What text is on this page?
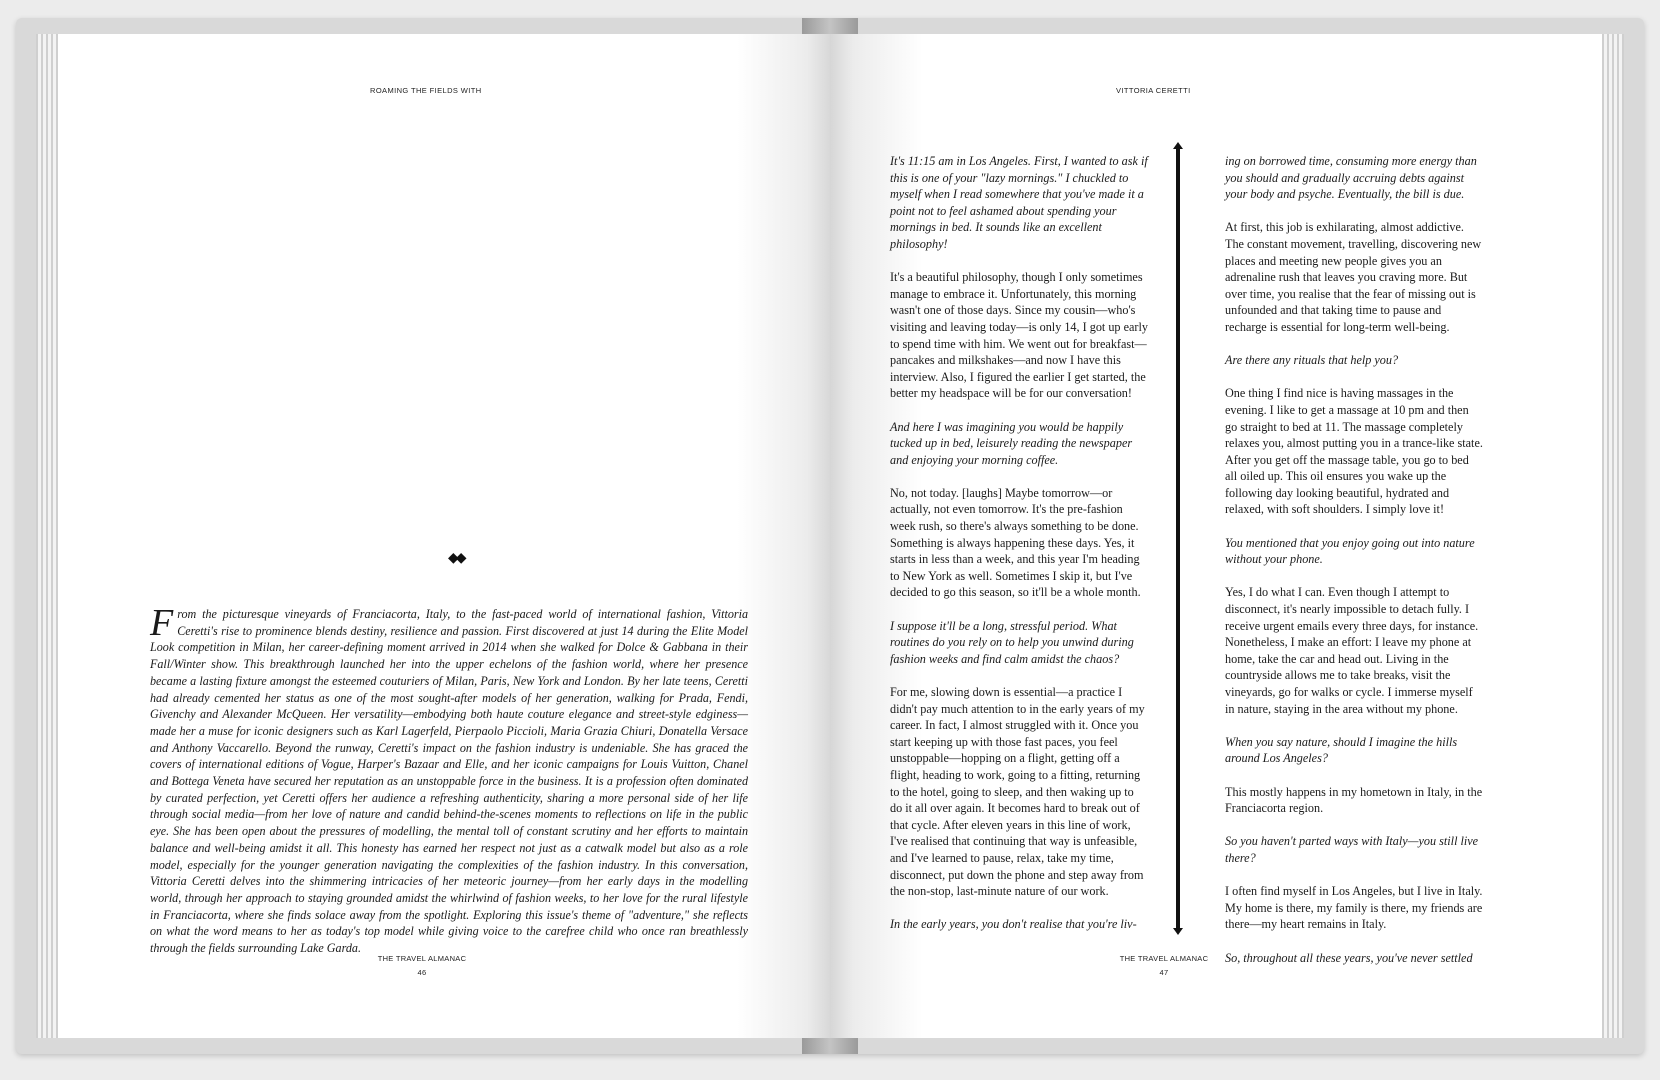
ROAMING THE FIELDS WITH
◆◆
From the picturesque vineyards of Franciacorta, Italy, to the fast-paced world of international fashion, Vittoria Ceretti's rise to prominence blends destiny, resilience and passion. First discovered at just 14 during the Elite Model Look competition in Milan, her career-defining moment arrived in 2014 when she walked for Dolce & Gabbana in their Fall/Winter show. This breakthrough launched her into the upper echelons of the fashion world, where her presence became a lasting fixture amongst the esteemed couturiers of Milan, Paris, New York and London. By her late teens, Ceretti had already cemented her status as one of the most sought-after models of her generation, walking for Prada, Fendi, Givenchy and Alexander McQueen. Her versatility—embodying both haute couture elegance and street-style edginess—made her a muse for iconic designers such as Karl Lagerfeld, Pierpaolo Piccioli, Maria Grazia Chiuri, Donatella Versace and Anthony Vaccarello. Beyond the runway, Ceretti's impact on the fashion industry is undeniable. She has graced the covers of international editions of Vogue, Harper's Bazaar and Elle, and her iconic campaigns for Louis Vuitton, Chanel and Bottega Veneta have secured her reputation as an unstoppable force in the business. It is a profession often dominated by curated perfection, yet Ceretti offers her audience a refreshing authenticity, sharing a more personal side of her life through social media—from her love of nature and candid behind-the-scenes moments to reflections on life in the public eye. She has been open about the pressures of modelling, the mental toll of constant scrutiny and her efforts to maintain balance and well-being amidst it all. This honesty has earned her respect not just as a catwalk model but also as a role model, especially for the younger generation navigating the complexities of the fashion industry. In this conversation, Vittoria Ceretti delves into the shimmering intricacies of her meteoric journey—from her early days in the modelling world, through her approach to staying grounded amidst the whirlwind of fashion weeks, to her love for the rural lifestyle in Franciacorta, where she finds solace away from the spotlight. Exploring this issue's theme of "adventure," she reflects on what the word means to her as today's top model while giving voice to the carefree child who once ran breathlessly through the fields surrounding Lake Garda.
THE TRAVEL ALMANAC
46
VITTORIA CERETTI

It's 11:15 am in Los Angeles. First, I wanted to ask if this is one of your "lazy mornings." I chuckled to myself when I read somewhere that you've made it a point not to feel ashamed about spending your mornings in bed. It sounds like an excellent philosophy!

It's a beautiful philosophy, though I only sometimes manage to embrace it. Unfortunately, this morning wasn't one of those days. Since my cousin—who's visiting and leaving today—is only 14, I got up early to spend time with him. We went out for breakfast—pancakes and milkshakes—and now I have this interview. Also, I figured the earlier I get started, the better my headspace will be for our conversation!

And here I was imagining you would be happily tucked up in bed, leisurely reading the newspaper and enjoying your morning coffee.

No, not today. [laughs] Maybe tomorrow—or actually, not even tomorrow. It's the pre-fashion week rush, so there's always something to be done. Something is always happening these days. Yes, it starts in less than a week, and this year I'm heading to New York as well. Sometimes I skip it, but I've decided to go this season, so it'll be a whole month.

I suppose it'll be a long, stressful period. What routines do you rely on to help you unwind during fashion weeks and find calm amidst the chaos?

For me, slowing down is essential—a practice I didn't pay much attention to in the early years of my career. In fact, I almost struggled with it. Once you start keeping up with those fast paces, you feel unstoppable—hopping on a flight, getting off a flight, heading to work, going to a fitting, returning to the hotel, going to sleep, and then waking up to do it all over again. It becomes hard to break out of that cycle. After eleven years in this line of work, I've realised that continuing that way is unfeasible, and I've learned to pause, relax, take my time, disconnect, put down the phone and step away from the non-stop, last-minute nature of our work.

In the early years, you don't realise that you're liv-

ing on borrowed time, consuming more energy than you should and gradually accruing debts against your body and psyche. Eventually, the bill is due.

At first, this job is exhilarating, almost addictive. The constant movement, travelling, discovering new places and meeting new people gives you an adrenaline rush that leaves you craving more. But over time, you realise that the fear of missing out is unfounded and that taking time to pause and recharge is essential for long-term well-being.

Are there any rituals that help you?

One thing I find nice is having massages in the evening. I like to get a massage at 10 pm and then go straight to bed at 11. The massage completely relaxes you, almost putting you in a trance-like state. After you get off the massage table, you go to bed all oiled up. This oil ensures you wake up the following day looking beautiful, hydrated and relaxed, with soft shoulders. I simply love it!

You mentioned that you enjoy going out into nature without your phone.

Yes, I do what I can. Even though I attempt to disconnect, it's nearly impossible to detach fully. I receive urgent emails every three days, for instance. Nonetheless, I make an effort: I leave my phone at home, take the car and head out. Living in the countryside allows me to take breaks, visit the vineyards, go for walks or cycle. I immerse myself in nature, staying in the area without my phone.

When you say nature, should I imagine the hills around Los Angeles?

This mostly happens in my hometown in Italy, in the Franciacorta region.

So you haven't parted ways with Italy—you still live there?

I often find myself in Los Angeles, but I live in Italy. My home is there, my family is there, my friends are there—my heart remains in Italy.

So, throughout all these years, you've never settled

THE TRAVEL ALMANAC
47
